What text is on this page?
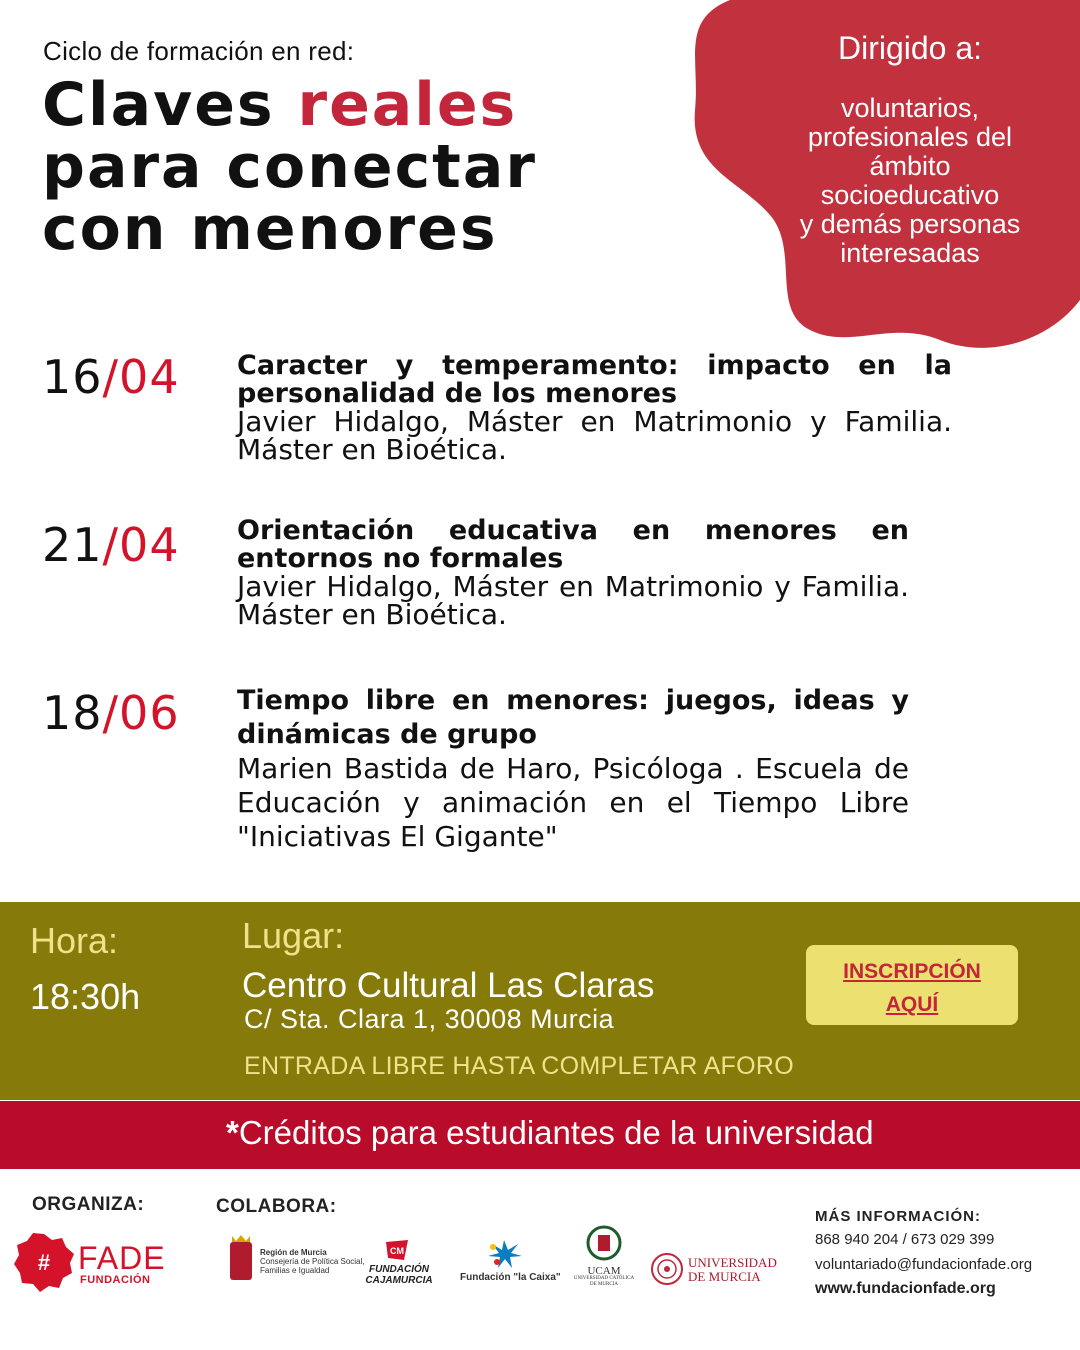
Ciclo de formación en red:
Claves reales
para conectar
con menores
Dirigido a:
voluntarios,
profesionales del
ámbito
socioeducativo
y demás personas
interesadas
16/04 Caracter y temperamento: impacto en la personalidad de los menores
Javier Hidalgo, Máster en Matrimonio y Familia. Máster en Bioética.
21/04 Orientación educativa en menores en entornos no formales
Javier Hidalgo, Máster en Matrimonio y Familia. Máster en Bioética.
18/06 Tiempo libre en menores: juegos, ideas y dinámicas de grupo
Marien Bastida de Haro, Psicóloga . Escuela de Educación y animación en el Tiempo Libre "Iniciativas El Gigante"
Hora:
18:30h
Lugar:
Centro Cultural Las Claras
C/ Sta. Clara 1, 30008 Murcia
ENTRADA LIBRE HASTA COMPLETAR AFORO
INSCRIPCIÓN
AQUÍ
*Créditos para estudiantes de la universidad
ORGANIZA:	COLABORA:
# FADE
FUNDACIÓN
Región de Murcia
Consejería de Política Social,
Familias e Igualdad
CM
FUNDACIÓN
CAJAMURCIA	Fundación "la Caixa"
UCAM
UNIVERSIDAD CATÓLICA
DE MURCIA
UNIVERSIDAD
DE MURCIA
MÁS INFORMACIÓN:
868 940 204 / 673 029 399
voluntariado@fundacionfade.org
www.fundacionfade.org
